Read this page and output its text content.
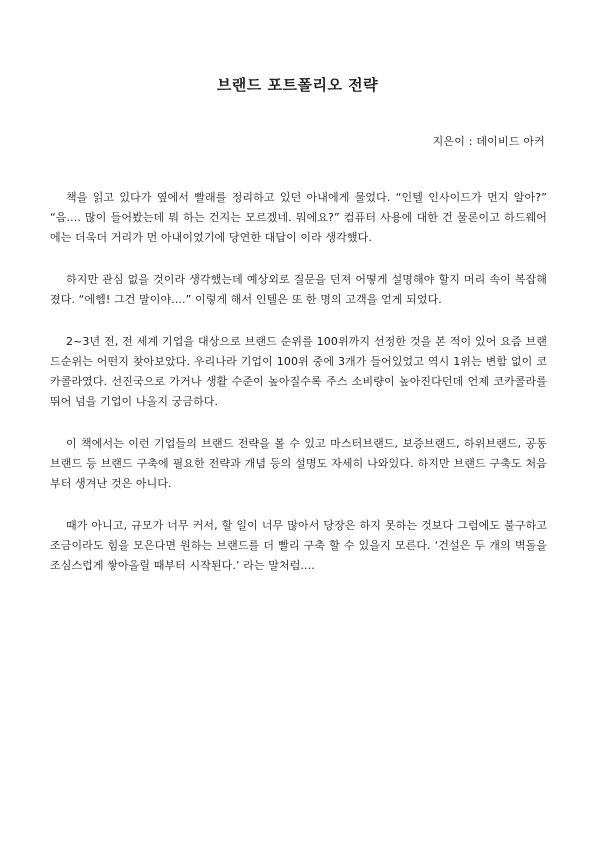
브랜드 포트폴리오 전략
지은이 : 데이비드 아커

책을 읽고 있다가 옆에서 빨래를 정리하고 있던 아내에게 물었다. “인텔 인사이드가 먼지 알아?” “음.... 많이 들어봤는데 뭐 하는 건지는 모르겠네. 뭐에요?” 컴퓨터 사용에 대한 건 물론이고 하드웨어에는 더욱더 거리가 먼 아내이었기에 당연한 대답이 이라 생각했다.

하지만 관심 없을 것이라 생각했는데 예상외로 질문을 던져 어떻게 설명해야 할지 머리 속이 복잡해졌다. “에헴! 그건 말이야....” 이렇게 해서 인텔은 또 한 명의 고객을 얻게 되었다.

2~3년 전, 전 세계 기업을 대상으로 브랜드 순위를 100위까지 선정한 것을 본 적이 있어 요즘 브랜드순위는 어떤지 찾아보았다. 우리나라 기업이 100위 중에 3개가 들어있었고 역시 1위는 변함 없이 코카콜라였다. 선진국으로 가거나 생활 수준이 높아질수록 주스 소비량이 높아진다던데 언제 코카콜라를 뛰어 넘을 기업이 나올지 궁금하다.

이 책에서는 이런 기업들의 브랜드 전략을 볼 수 있고 마스터브랜드, 보증브랜드, 하위브랜드, 공동브랜드 등 브랜드 구축에 필요한 전략과 개념 등의 설명도 자세히 나와있다. 하지만 브랜드 구축도 처음부터 생겨난 것은 아니다.

때가 아니고, 규모가 너무 커서, 할 일이 너무 많아서 당장은 하지 못하는 것보다 그럼에도 불구하고 조금이라도 힘을 모은다면 원하는 브랜드를 더 빨리 구축 할 수 있을지 모른다. ‘건설은 두 개의 벽돌을 조심스럽게 쌓아올릴 때부터 시작된다.’ 라는 말처럼....
